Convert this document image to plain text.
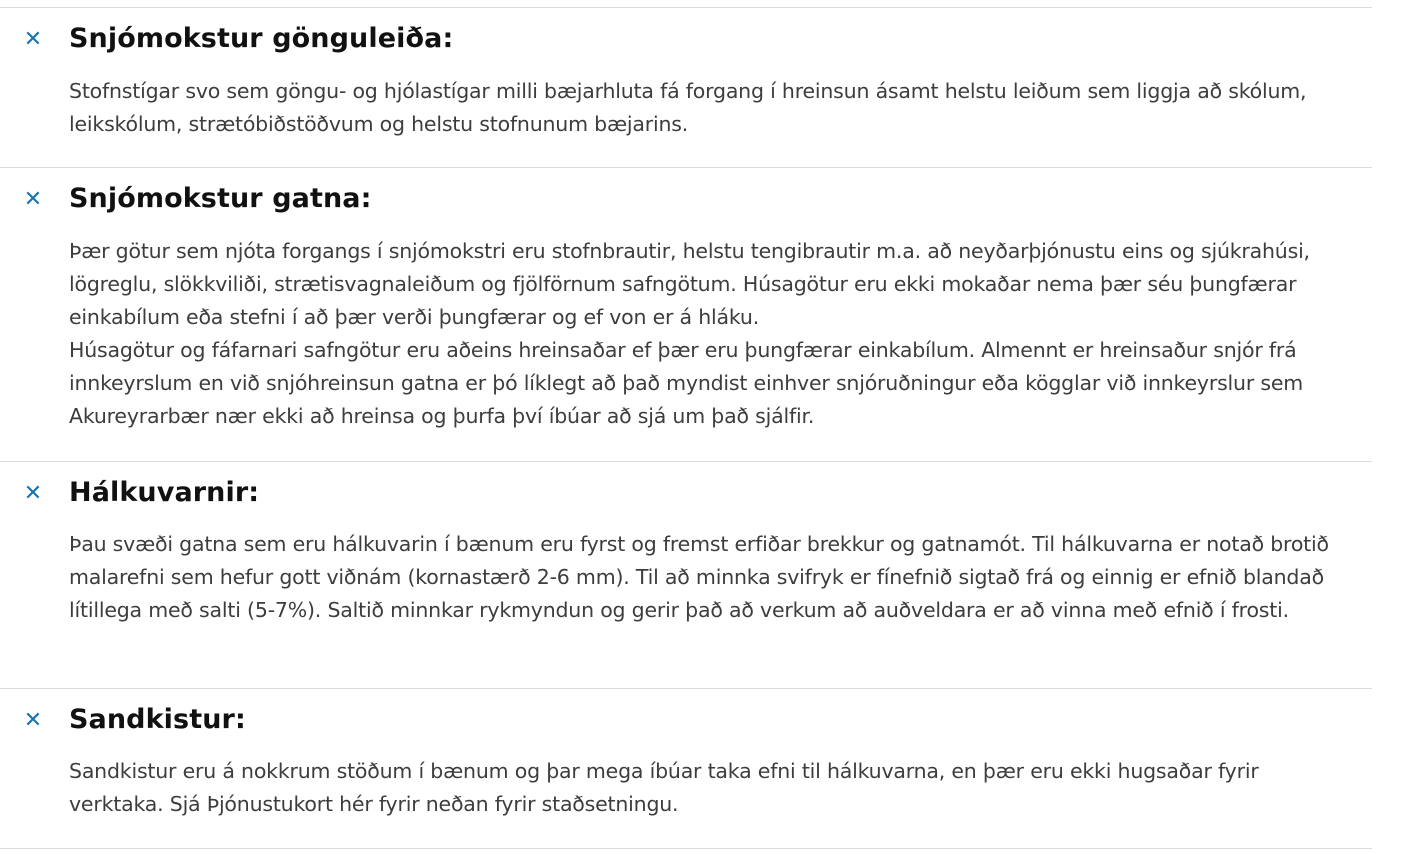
✕ Snjómokstur gönguleiða:

Stofnstígar svo sem göngu- og hjólastígar milli bæjarhluta fá forgang í hreinsun ásamt helstu leiðum sem liggja að skólum, leikskólum, strætóbiðstöðvum og helstu stofnunum bæjarins.

✕ Snjómokstur gatna:

Þær götur sem njóta forgangs í snjómokstri eru stofnbrautir, helstu tengibrautir m.a. að neyðarþjónustu eins og sjúkrahúsi, lögreglu, slökkviliði, strætisvagnaleiðum og fjölförnum safngötum. Húsagötur eru ekki mokaðar nema þær séu þungfærar einkabílum eða stefni í að þær verði þungfærar og ef von er á hláku.

Húsagötur og fáfarnari safngötur eru aðeins hreinsaðar ef þær eru þungfærar einkabílum. Almennt er hreinsaður snjór frá innkeyrslum en við snjóhreinsun gatna er þó líklegt að það myndist einhver snjóruðningur eða kögglar við innkeyrslur sem Akureyrarbær nær ekki að hreinsa og þurfa því íbúar að sjá um það sjálfir.

✕ Hálkuvarnir:

Þau svæði gatna sem eru hálkuvarin í bænum eru fyrst og fremst erfiðar brekkur og gatnamót. Til hálkuvarna er notað brotið malarefni sem hefur gott viðnám (kornastærð 2-6 mm). Til að minnka svifryk er fínefnið sigtað frá og einnig er efnið blandað lítillega með salti (5-7%). Saltið minnkar rykmyndun og gerir það að verkum að auðveldara er að vinna með efnið í frosti.

✕ Sandkistur:

Sandkistur eru á nokkrum stöðum í bænum og þar mega íbúar taka efni til hálkuvarna, en þær eru ekki hugsaðar fyrir verktaka. Sjá Þjónustukort hér fyrir neðan fyrir staðsetningu.
